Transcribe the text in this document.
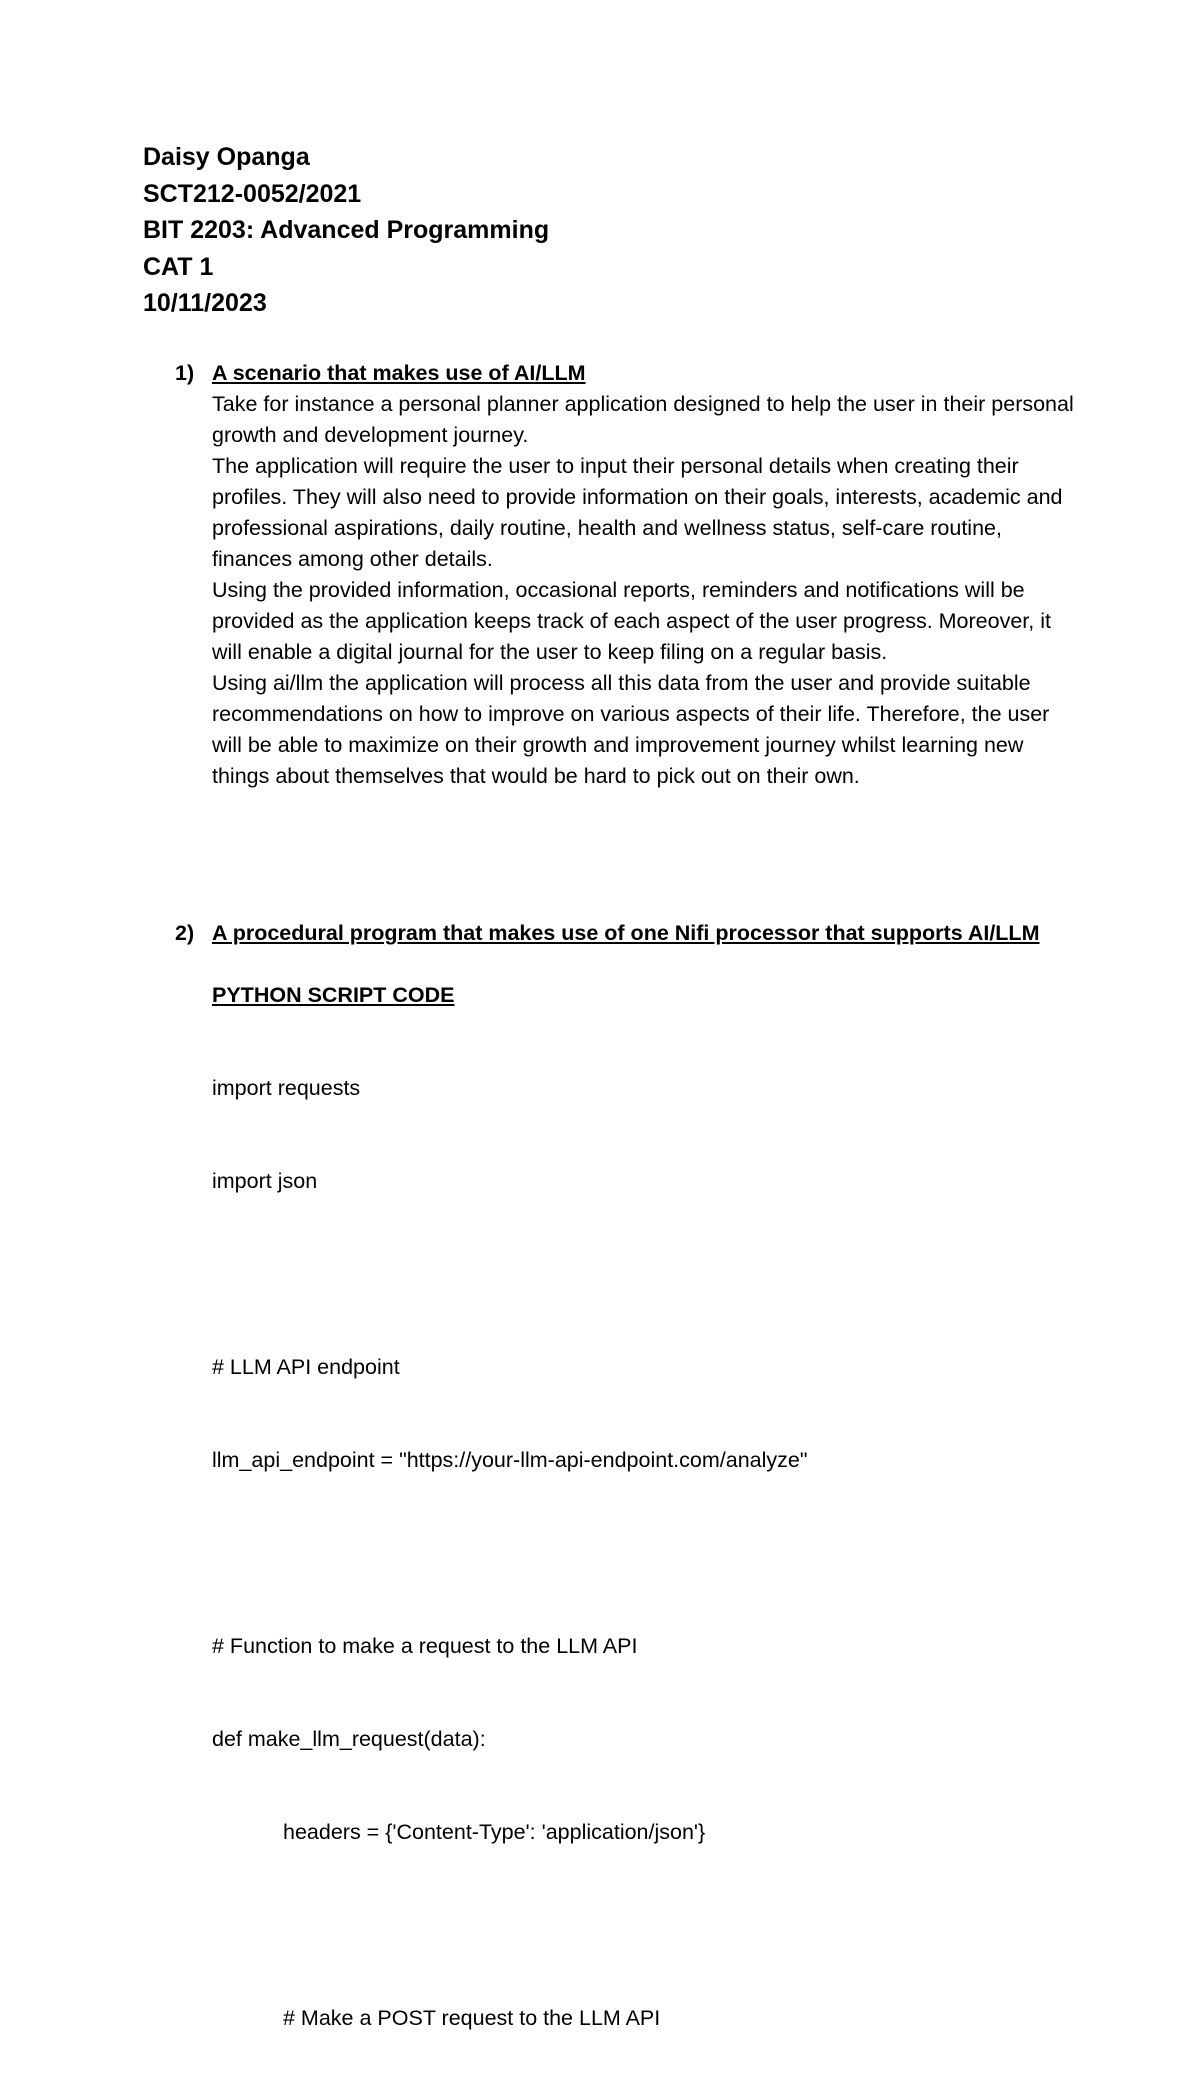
Daisy Opanga
SCT212-0052/2021
BIT 2203: Advanced Programming
CAT 1
10/11/2023
1) A scenario that makes use of AI/LLM
Take for instance a personal planner application designed to help the user in their personal growth and development journey.
The application will require the user to input their personal details when creating their profiles. They will also need to provide information on their goals, interests, academic and professional aspirations, daily routine, health and wellness status, self-care routine, finances among other details.
Using the provided information, occasional reports, reminders and notifications will be provided as the application keeps track of each aspect of the user progress. Moreover, it will enable a digital journal for the user to keep filing on a regular basis.
Using ai/llm the application will process all this data from the user and provide suitable recommendations on how to improve on various aspects of their life. Therefore, the user will be able to maximize on their growth and improvement journey whilst learning new things about themselves that would be hard to pick out on their own.
2) A procedural program that makes use of one Nifi processor that supports AI/LLM
PYTHON SCRIPT CODE

import requests

import json

# LLM API endpoint

llm_api_endpoint = "https://your-llm-api-endpoint.com/analyze"

# Function to make a request to the LLM API

def make_llm_request(data):

headers = {'Content-Type': 'application/json'}

# Make a POST request to the LLM API
